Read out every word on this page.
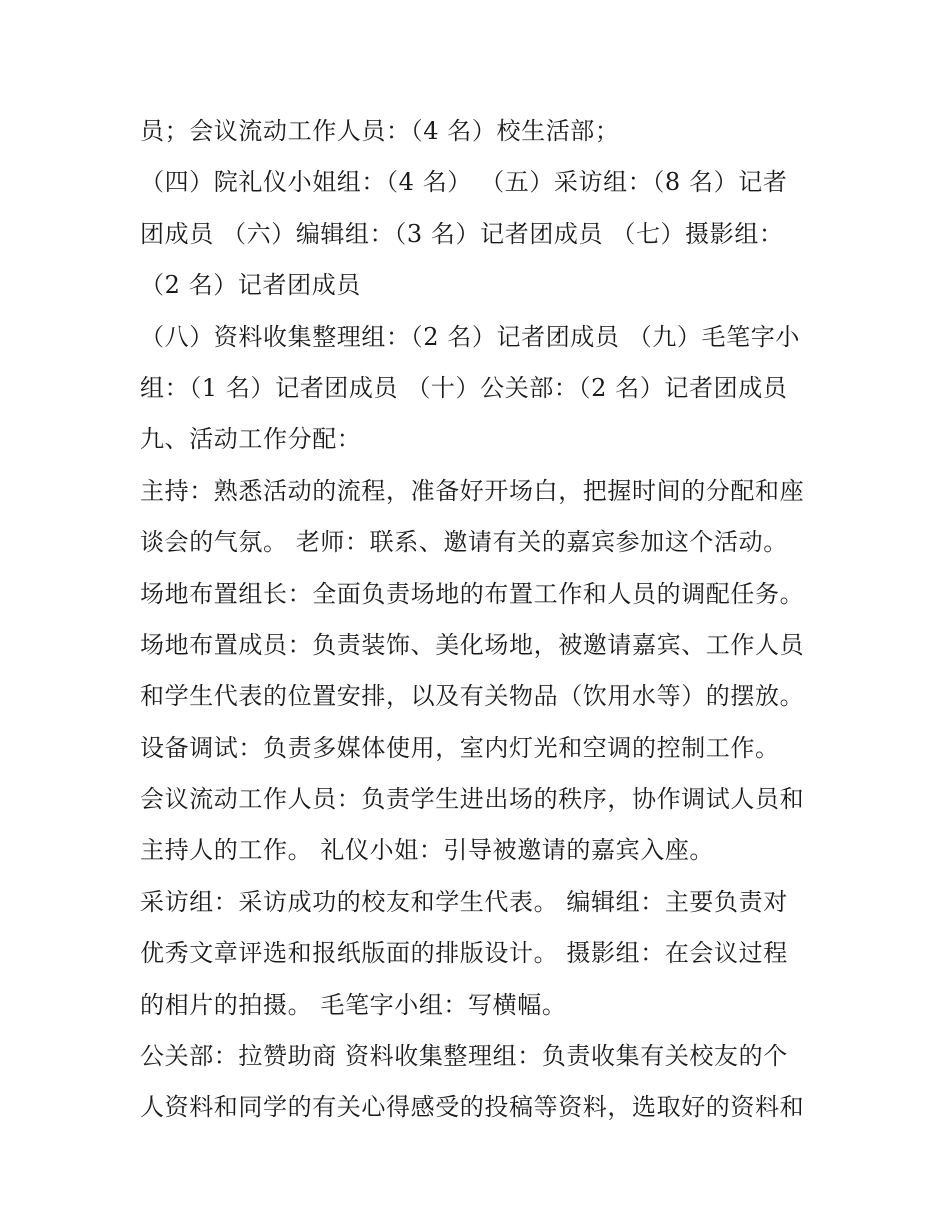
员；会议流动工作人员：（4 名）校生活部；
（四）院礼仪小姐组：（4 名） （五）采访组：（8 名）记者
团成员 （六）编辑组：（3 名）记者团成员 （七）摄影组：
（2 名）记者团成员
（八）资料收集整理组：（2 名）记者团成员 （九）毛笔字小
组：（1 名）记者团成员 （十）公关部：（2 名）记者团成员
九、活动工作分配：
主持：熟悉活动的流程，准备好开场白，把握时间的分配和座
谈会的气氛。 老师：联系、邀请有关的嘉宾参加这个活动。
场地布置组长：全面负责场地的布置工作和人员的调配任务。
场地布置成员：负责装饰、美化场地，被邀请嘉宾、工作人员
和学生代表的位置安排，以及有关物品（饮用水等）的摆放。
设备调试：负责多媒体使用，室内灯光和空调的控制工作。
会议流动工作人员：负责学生进出场的秩序，协作调试人员和
主持人的工作。 礼仪小姐：引导被邀请的嘉宾入座。
采访组：采访成功的校友和学生代表。 编辑组：主要负责对
优秀文章评选和报纸版面的排版设计。 摄影组：在会议过程
的相片的拍摄。 毛笔字小组：写横幅。
公关部：拉赞助商 资料收集整理组：负责收集有关校友的个
人资料和同学的有关心得感受的投稿等资料，选取好的资料和
